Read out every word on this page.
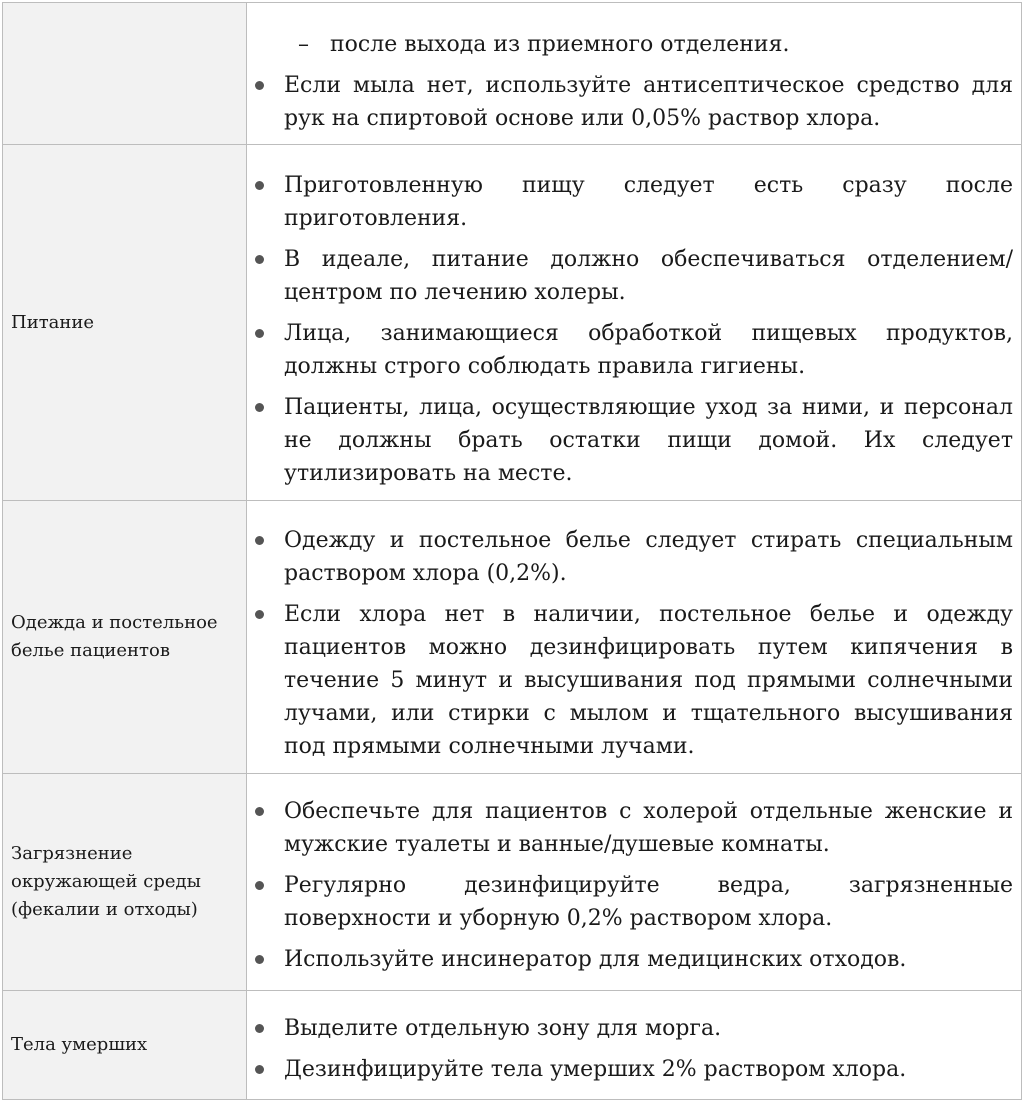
– после выхода из приемного отделения.
Если мыла нет, используйте антисептическое средство для рук на спиртовой основе или 0,05% раствор хлора.
Питание
Приготовленную пищу следует есть сразу после приготовления.
В идеале, питание должно обеспечиваться отделением/центром по лечению холеры.
Лица, занимающиеся обработкой пищевых продуктов, должны строго соблюдать правила гигиены.
Пациенты, лица, осуществляющие уход за ними, и персонал не должны брать остатки пищи домой. Их следует утилизировать на месте.
Одежда и постельное белье пациентов
Одежду и постельное белье следует стирать специальным раствором хлора (0,2%).
Если хлора нет в наличии, постельное белье и одежду пациентов можно дезинфицировать путем кипячения в течение 5 минут и высушивания под прямыми солнечными лучами, или стирки с мылом и тщательного высушивания под прямыми солнечными лучами.
Загрязнение окружающей среды (фекалии и отходы)
Обеспечьте для пациентов с холерой отдельные женские и мужские туалеты и ванные/душевые комнаты.
Регулярно дезинфицируйте ведра, загрязненные поверхности и уборную 0,2% раствором хлора.
Используйте инсинератор для медицинских отходов.
Тела умерших
Выделите отдельную зону для морга.
Дезинфицируйте тела умерших 2% раствором хлора.
